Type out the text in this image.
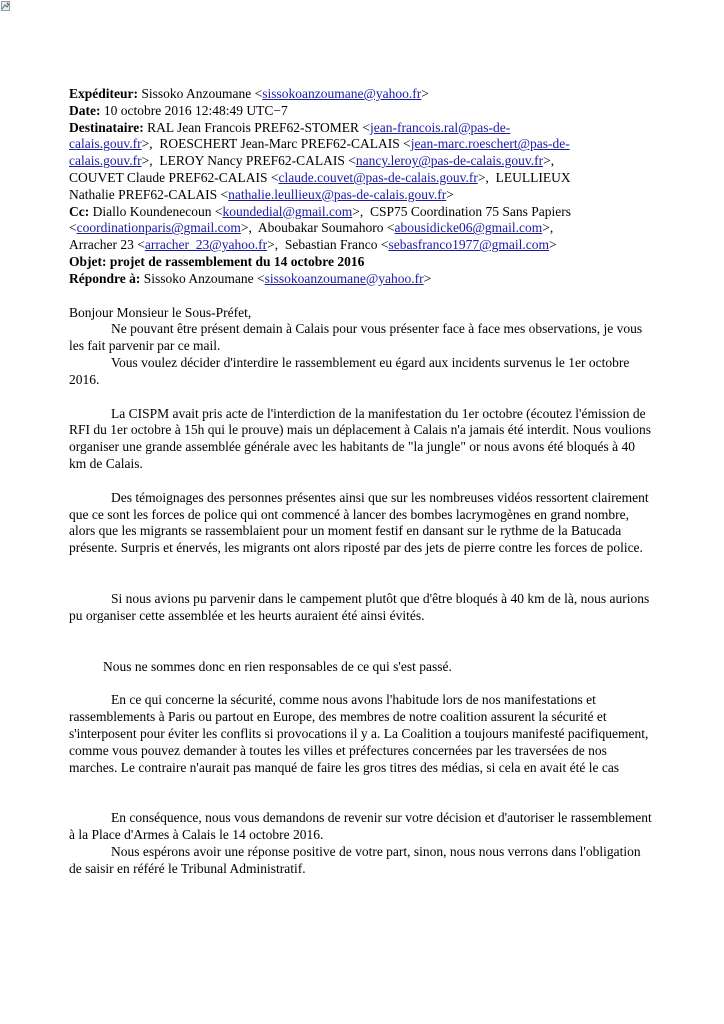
Expéditeur: Sissoko Anzoumane <sissokoanzoumane@yahoo.fr>
Date: 10 octobre 2016 12:48:49 UTC−7
Destinataire: RAL Jean Francois PREF62-STOMER <jean-francois.ral@pas-de-
calais.gouv.fr>,  ROESCHERT Jean-Marc PREF62-CALAIS <jean-marc.roeschert@pas-de-
calais.gouv.fr>,  LEROY Nancy PREF62-CALAIS <nancy.leroy@pas-de-calais.gouv.fr>,
COUVET Claude PREF62-CALAIS <claude.couvet@pas-de-calais.gouv.fr>,  LEULLIEUX
Nathalie PREF62-CALAIS <nathalie.leullieux@pas-de-calais.gouv.fr>
Cc: Diallo Koundenecoun <koundedial@gmail.com>,  CSP75 Coordination 75 Sans Papiers
<coordinationparis@gmail.com>,  Aboubakar Soumahoro <abousidicke06@gmail.com>,
Arracher 23 <arracher_23@yahoo.fr>,  Sebastian Franco <sebasfranco1977@gmail.com>
Objet: projet de rassemblement du 14 octobre 2016
Répondre à: Sissoko Anzoumane <sissokoanzoumane@yahoo.fr>

Bonjour Monsieur le Sous-Préfet,

Ne pouvant être présent demain à Calais pour vous présenter face à face mes observations, je vous les fait parvenir par ce mail.

Vous voulez décider d'interdire le rassemblement eu égard aux incidents survenus le 1er octobre 2016.

La CISPM avait pris acte de l'interdiction de la manifestation du 1er octobre (écoutez l'émission de RFI du 1er octobre à 15h qui le prouve) mais un déplacement à Calais n'a jamais été interdit. Nous voulions organiser une grande assemblée générale avec les habitants de "la jungle" or nous avons été bloqués à 40 km de Calais.

Des témoignages des personnes présentes ainsi que sur les nombreuses vidéos ressortent clairement que ce sont les forces de police qui ont commencé à lancer des bombes lacrymogènes en grand nombre, alors que les migrants se rassemblaient pour un moment festif en dansant sur le rythme de la Batucada présente. Surpris et énervés, les migrants ont alors riposté par des jets de pierre contre les forces de police.

Si nous avions pu parvenir dans le campement plutôt que d'être bloqués à 40 km de là, nous aurions pu organiser cette assemblée et les heurts auraient été ainsi évités.

Nous ne sommes donc en rien responsables de ce qui s'est passé.

En ce qui concerne la sécurité, comme nous avons l'habitude lors de nos manifestations et rassemblements à Paris ou partout en Europe, des membres de notre coalition assurent la sécurité et s'interposent pour éviter les conflits si provocations il y a. La Coalition a toujours manifesté pacifiquement, comme vous pouvez demander à toutes les villes et préfectures concernées par les traversées de nos marches. Le contraire n'aurait pas manqué de faire les gros titres des médias, si cela en avait été le cas

En conséquence, nous vous demandons de revenir sur votre décision et d'autoriser le rassemblement à la Place d'Armes à Calais le 14 octobre 2016.

Nous espérons avoir une réponse positive de votre part, sinon, nous nous verrons dans l'obligation de saisir en référé le Tribunal Administratif.
